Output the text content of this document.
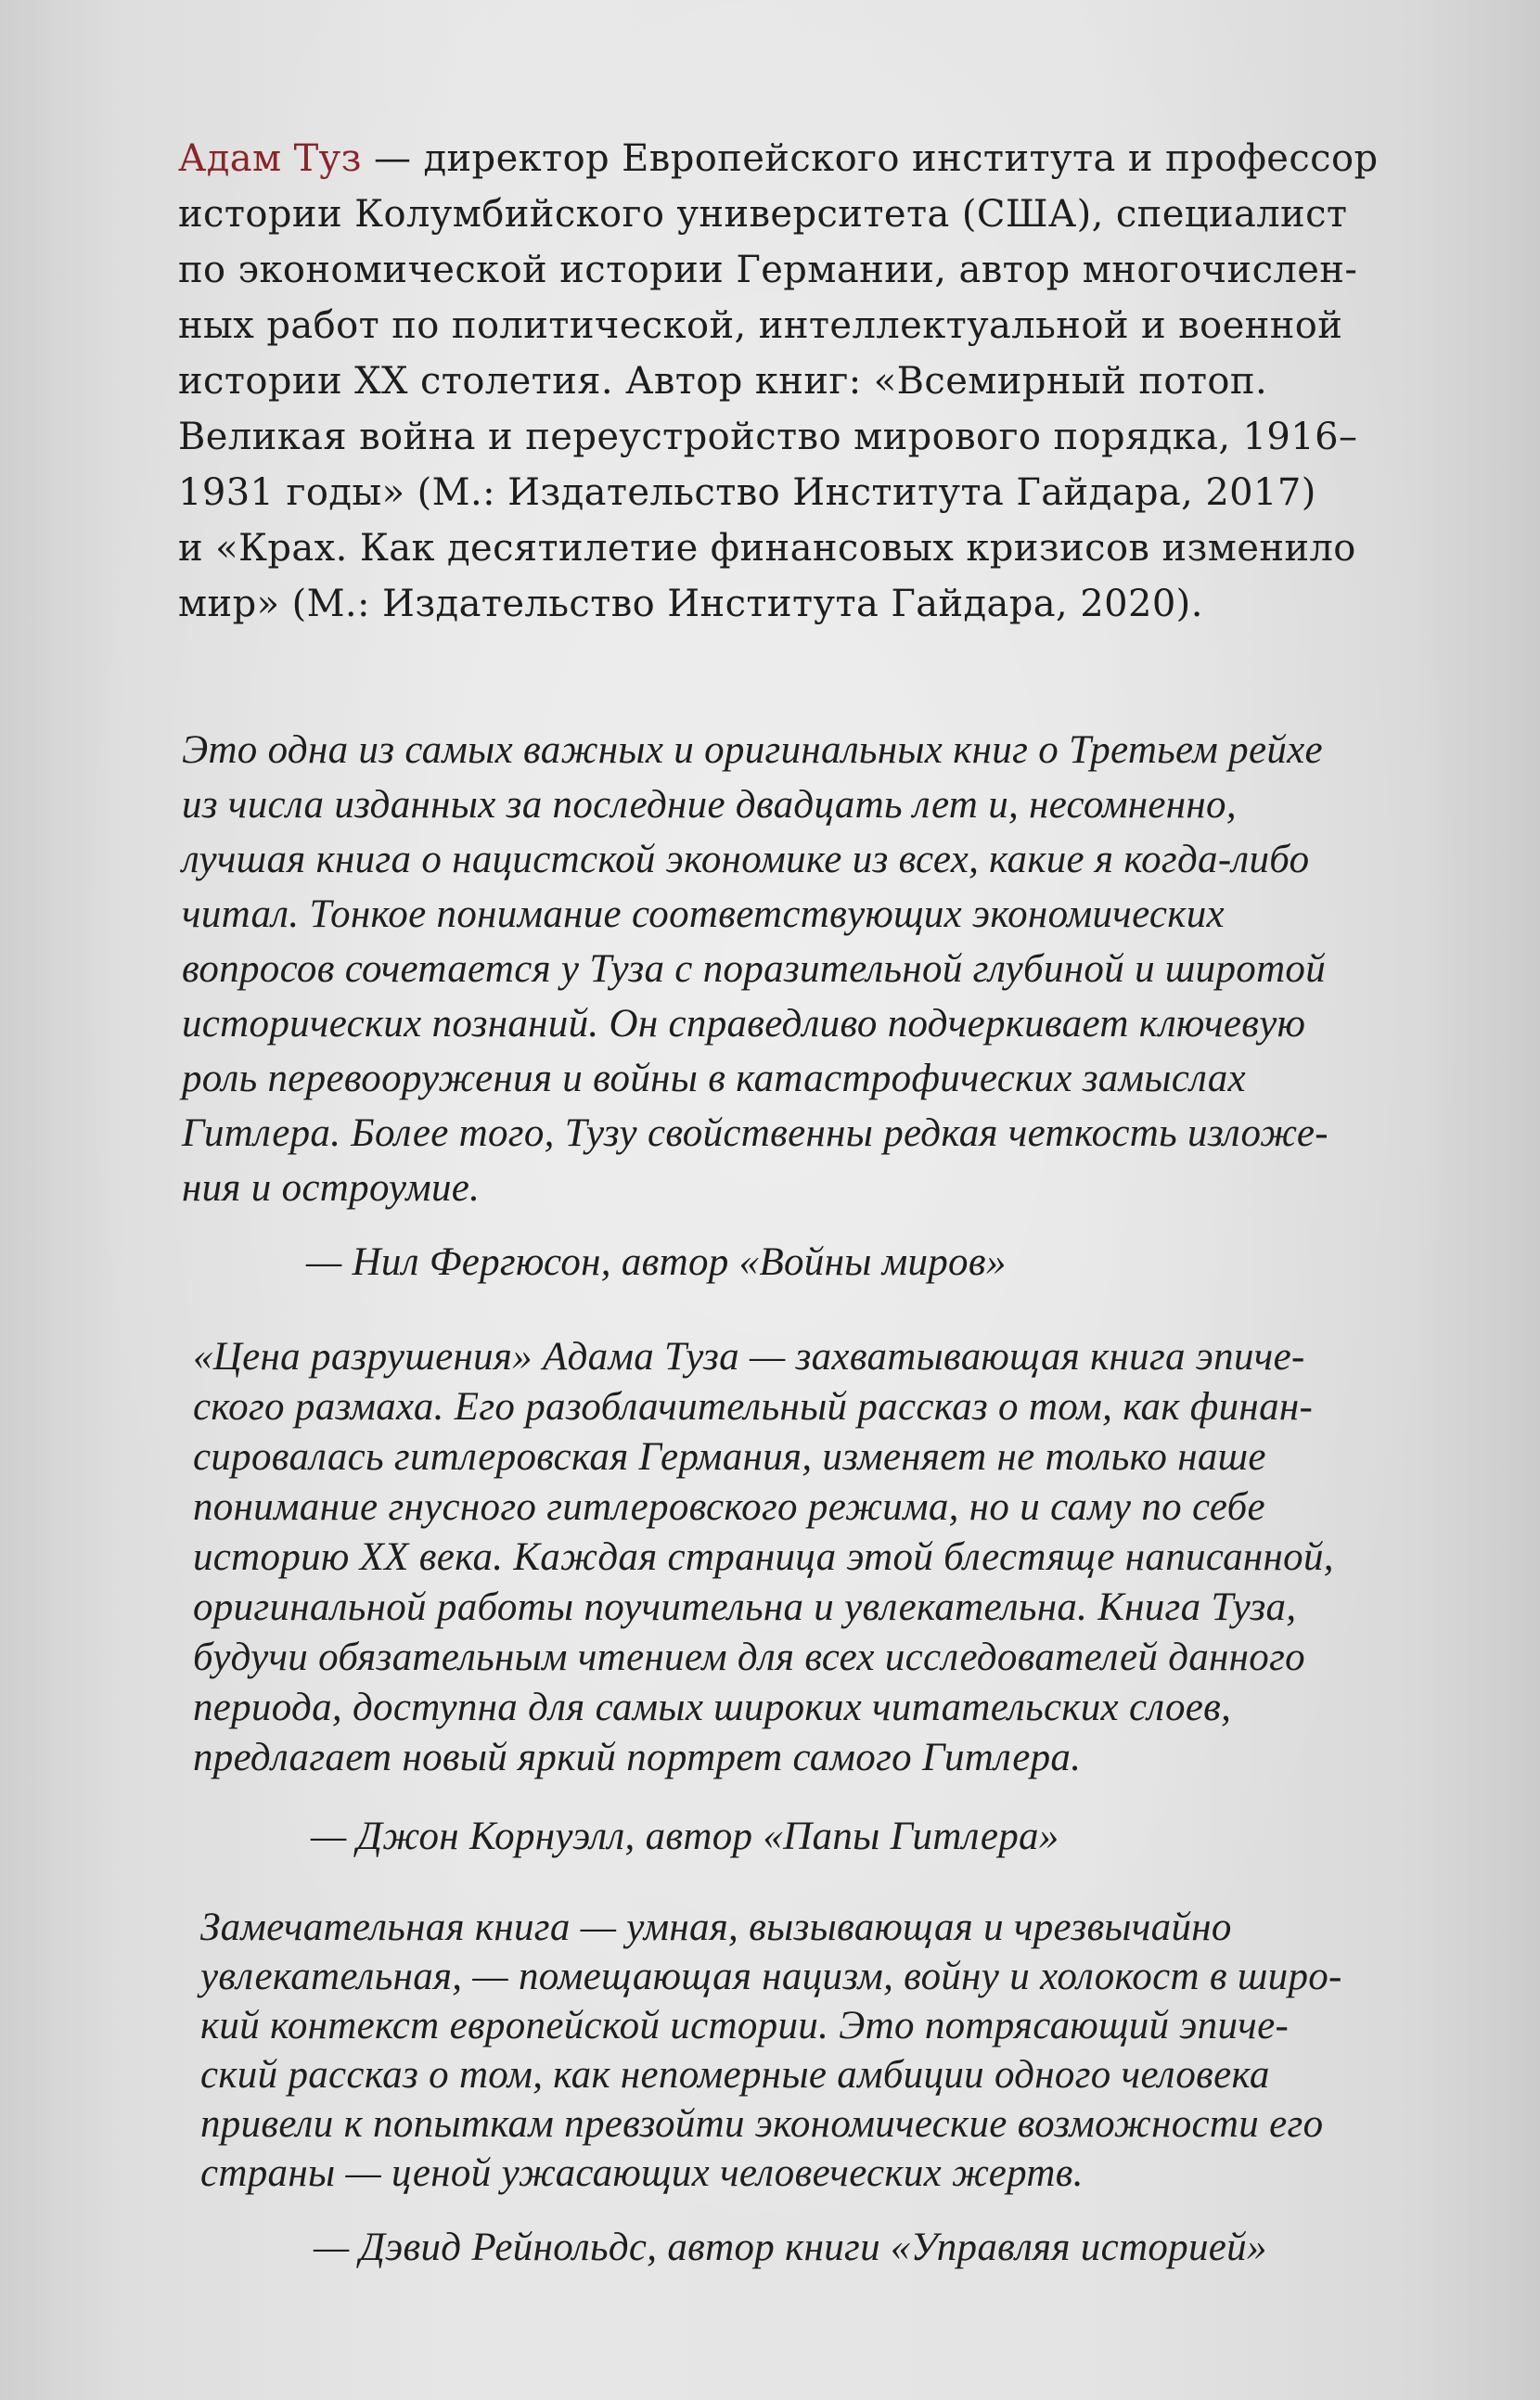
Адам Туз — директор Европейского института и профессор
истории Колумбийского университета (США), специалист
по экономической истории Германии, автор многочислен-
ных работ по политической, интеллектуальной и военной
истории XX столетия. Автор книг: «Всемирный потоп.
Великая война и переустройство мирового порядка, 1916–
1931 годы» (М.: Издательство Института Гайдара, 2017)
и «Крах. Как десятилетие финансовых кризисов изменило
мир» (М.: Издательство Института Гайдара, 2020).
Это одна из самых важных и оригинальных книг о Третьем рейхе
из числа изданных за последние двадцать лет и, несомненно,
лучшая книга о нацистской экономике из всех, какие я когда-либо
читал. Тонкое понимание соответствующих экономических
вопросов сочетается у Туза с поразительной глубиной и широтой
исторических познаний. Он справедливо подчеркивает ключевую
роль перевооружения и войны в катастрофических замыслах
Гитлера. Более того, Тузу свойственны редкая четкость изложе-
ния и остроумие.
— Нил Фергюсон, автор «Войны миров»
«Цена разрушения» Адама Туза — захватывающая книга эпиче-
ского размаха. Его разоблачительный рассказ о том, как финан-
сировалась гитлеровская Германия, изменяет не только наше
понимание гнусного гитлеровского режима, но и саму по себе
историю XX века. Каждая страница этой блестяще написанной,
оригинальной работы поучительна и увлекательна. Книга Туза,
будучи обязательным чтением для всех исследователей данного
периода, доступна для самых широких читательских слоев,
предлагает новый яркий портрет самого Гитлера.
— Джон Корнуэлл, автор «Папы Гитлера»
Замечательная книга — умная, вызывающая и чрезвычайно
увлекательная, — помещающая нацизм, войну и холокост в широ-
кий контекст европейской истории. Это потрясающий эпиче-
ский рассказ о том, как непомерные амбиции одного человека
привели к попыткам превзойти экономические возможности его
страны — ценой ужасающих человеческих жертв.
— Дэвид Рейнольдс, автор книги «Управляя историей»
